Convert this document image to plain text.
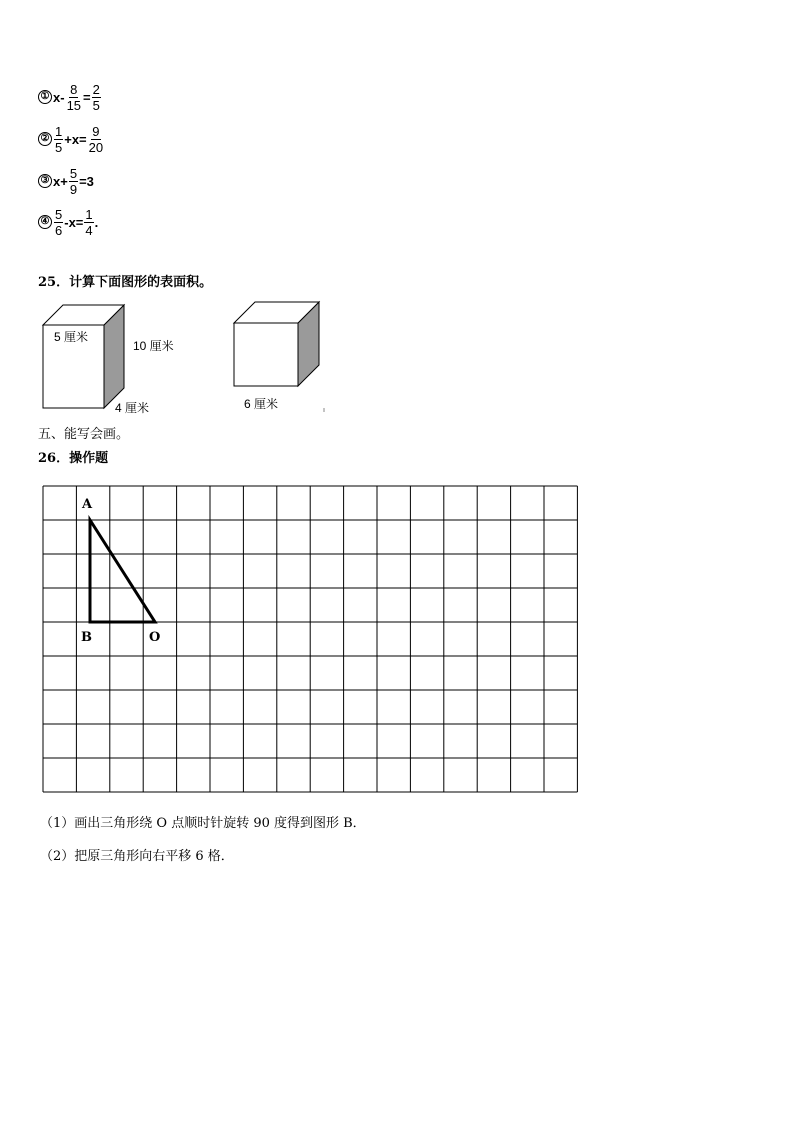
① $x- \frac{8}{15} = \frac{2}{5}$
② $\frac{1}{5} +x= \frac{9}{20}$
③ $x+ \frac{5}{9} =3$
④ $\frac{5}{6} -x= \frac{1}{4}$ .
25．计算下面图形的表面积。
5 厘米
10 厘米
4 厘米	6 厘米
五、能写会画。
26．操作题
A
B	O
（1）画出三角形绕 O 点顺时针旋转 90 度得到图形 B．
（2）把原三角形向右平移 6 格．
